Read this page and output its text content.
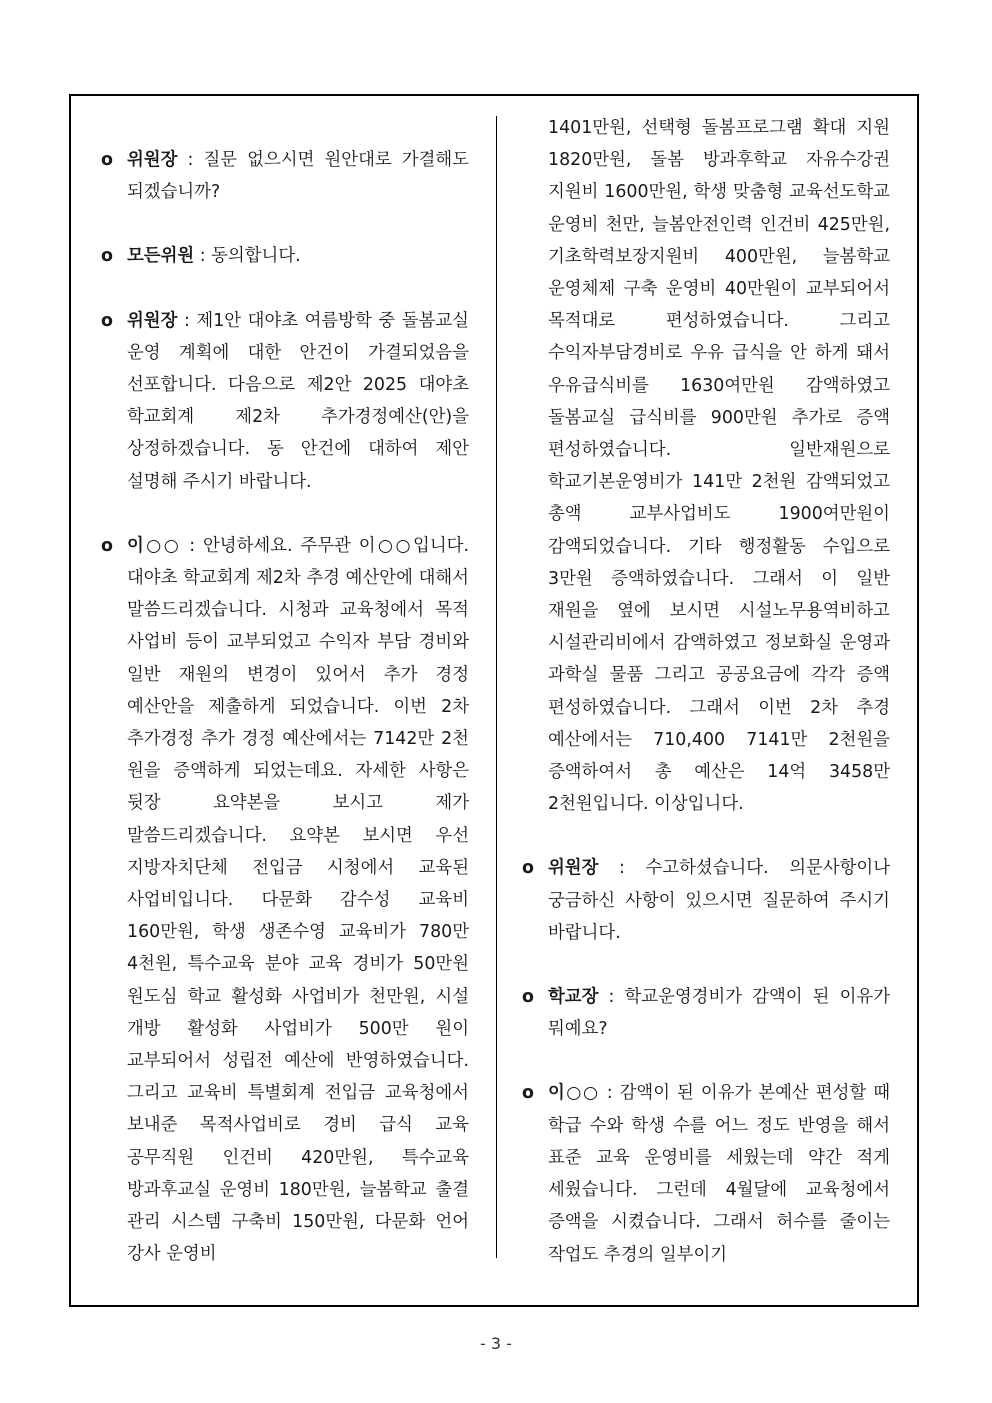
o 위원장 : 질문 없으시면 원안대로 가결해도 되겠습니까?
o 모든위원 : 동의합니다.
o 위원장 : 제1안 대야초 여름방학 중 돌봄교실 운영 계획에 대한 안건이 가결되었음을 선포합니다. 다음으로 제2안 2025 대야초 학교회계 제2차 추가경정예산(안)을 상정하겠습니다. 동 안건에 대하여 제안 설명해 주시기 바랍니다.
o 이○○ : 안녕하세요. 주무관 이○○입니다. 대야초 학교회계 제2차 추경 예산안에 대해서 말씀드리겠습니다. 시청과 교육청에서 목적 사업비 등이 교부되었고 수익자 부담 경비와 일반 재원의 변경이 있어서 추가 경정 예산안을 제출하게 되었습니다. 이번 2차 추가경정 추가 경정 예산에서는 7142만 2천 원을 증액하게 되었는데요. 자세한 사항은 뒷장 요약본을 보시고 제가 말씀드리겠습니다. 요약본 보시면 우선 지방자치단체 전입금 시청에서 교육된 사업비입니다. 다문화 감수성 교육비 160만원, 학생 생존수영 교육비가 780만 4천원, 특수교육 분야 교육 경비가 50만원 원도심 학교 활성화 사업비가 천만원, 시설 개방 활성화 사업비가 500만 원이 교부되어서 성립전 예산에 반영하였습니다. 그리고 교육비 특별회계 전입금 교육청에서 보내준 목적사업비로 경비 급식 교육 공무직원 인건비 420만원, 특수교육 방과후교실 운영비 180만원, 늘봄학교 출결 관리 시스템 구축비 150만원, 다문화 언어 강사 운영비
1401만원, 선택형 돌봄프로그램 확대 지원 1820만원, 돌봄 방과후학교 자유수강권 지원비 1600만원, 학생 맞춤형 교육선도학교 운영비 천만, 늘봄안전인력 인건비 425만원, 기초학력보장지원비 400만원, 늘봄학교 운영체제 구축 운영비 40만원이 교부되어서 목적대로 편성하였습니다. 그리고 수익자부담경비로 우유 급식을 안 하게 돼서 우유급식비를 1630여만원 감액하였고 돌봄교실 급식비를 900만원 추가로 증액 편성하였습니다. 일반재원으로 학교기본운영비가 141만 2천원 감액되었고 총액 교부사업비도 1900여만원이 감액되었습니다. 기타 행정활동 수입으로 3만원 증액하였습니다. 그래서 이 일반 재원을 옆에 보시면 시설노무용역비하고 시설관리비에서 감액하였고 정보화실 운영과 과학실 물품 그리고 공공요금에 각각 증액 편성하였습니다. 그래서 이번 2차 추경 예산에서는 710,400 7141만 2천원을 증액하여서 총 예산은 14억 3458만 2천원입니다. 이상입니다.
o 위원장 : 수고하셨습니다. 의문사항이나 궁금하신 사항이 있으시면 질문하여 주시기 바랍니다.
o 학교장 : 학교운영경비가 감액이 된 이유가 뭐예요?
o 이○○ : 감액이 된 이유가 본예산 편성할 때 학급 수와 학생 수를 어느 정도 반영을 해서 표준 교육 운영비를 세웠는데 약간 적게 세웠습니다. 그런데 4월달에 교육청에서 증액을 시켰습니다. 그래서 허수를 줄이는 작업도 추경의 일부이기
- 3 -
